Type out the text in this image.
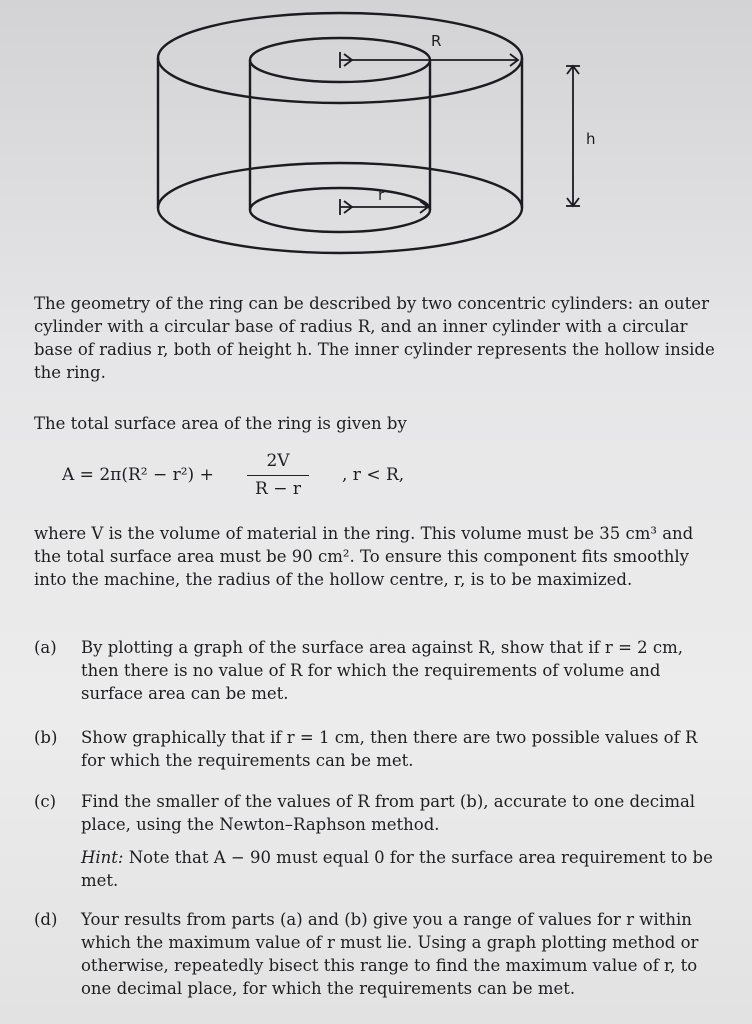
R
r
h

The geometry of the ring can be described by two concentric cylinders: an outer cylinder with a circular base of radius R, and an inner cylinder with a circular base of radius r, both of height h. The inner cylinder represents the hollow inside the ring.

The total surface area of the ring is given by
$A = 2\pi(R^2 - r^2) + \frac{2V}{R - r}$ , r < R,
where V is the volume of material in the ring. This volume must be 35 cm³ and the total surface area must be 90 cm². To ensure this component fits smoothly into the machine, the radius of the hollow centre, r, is to be maximized.
(a) By plotting a graph of the surface area against R, show that if r = 2 cm, then there is no value of R for which the requirements of volume and surface area can be met.
(b) Show graphically that if r = 1 cm, then there are two possible values of R for which the requirements can be met.
(c) Find the smaller of the values of R from part (b), accurate to one decimal place, using the Newton–Raphson method.
Hint: Note that A − 90 must equal 0 for the surface area requirement to be met.
(d) Your results from parts (a) and (b) give you a range of values for r within which the maximum value of r must lie. Using a graph plotting method or otherwise, repeatedly bisect this range to find the maximum value of r, to one decimal place, for which the requirements can be met.
